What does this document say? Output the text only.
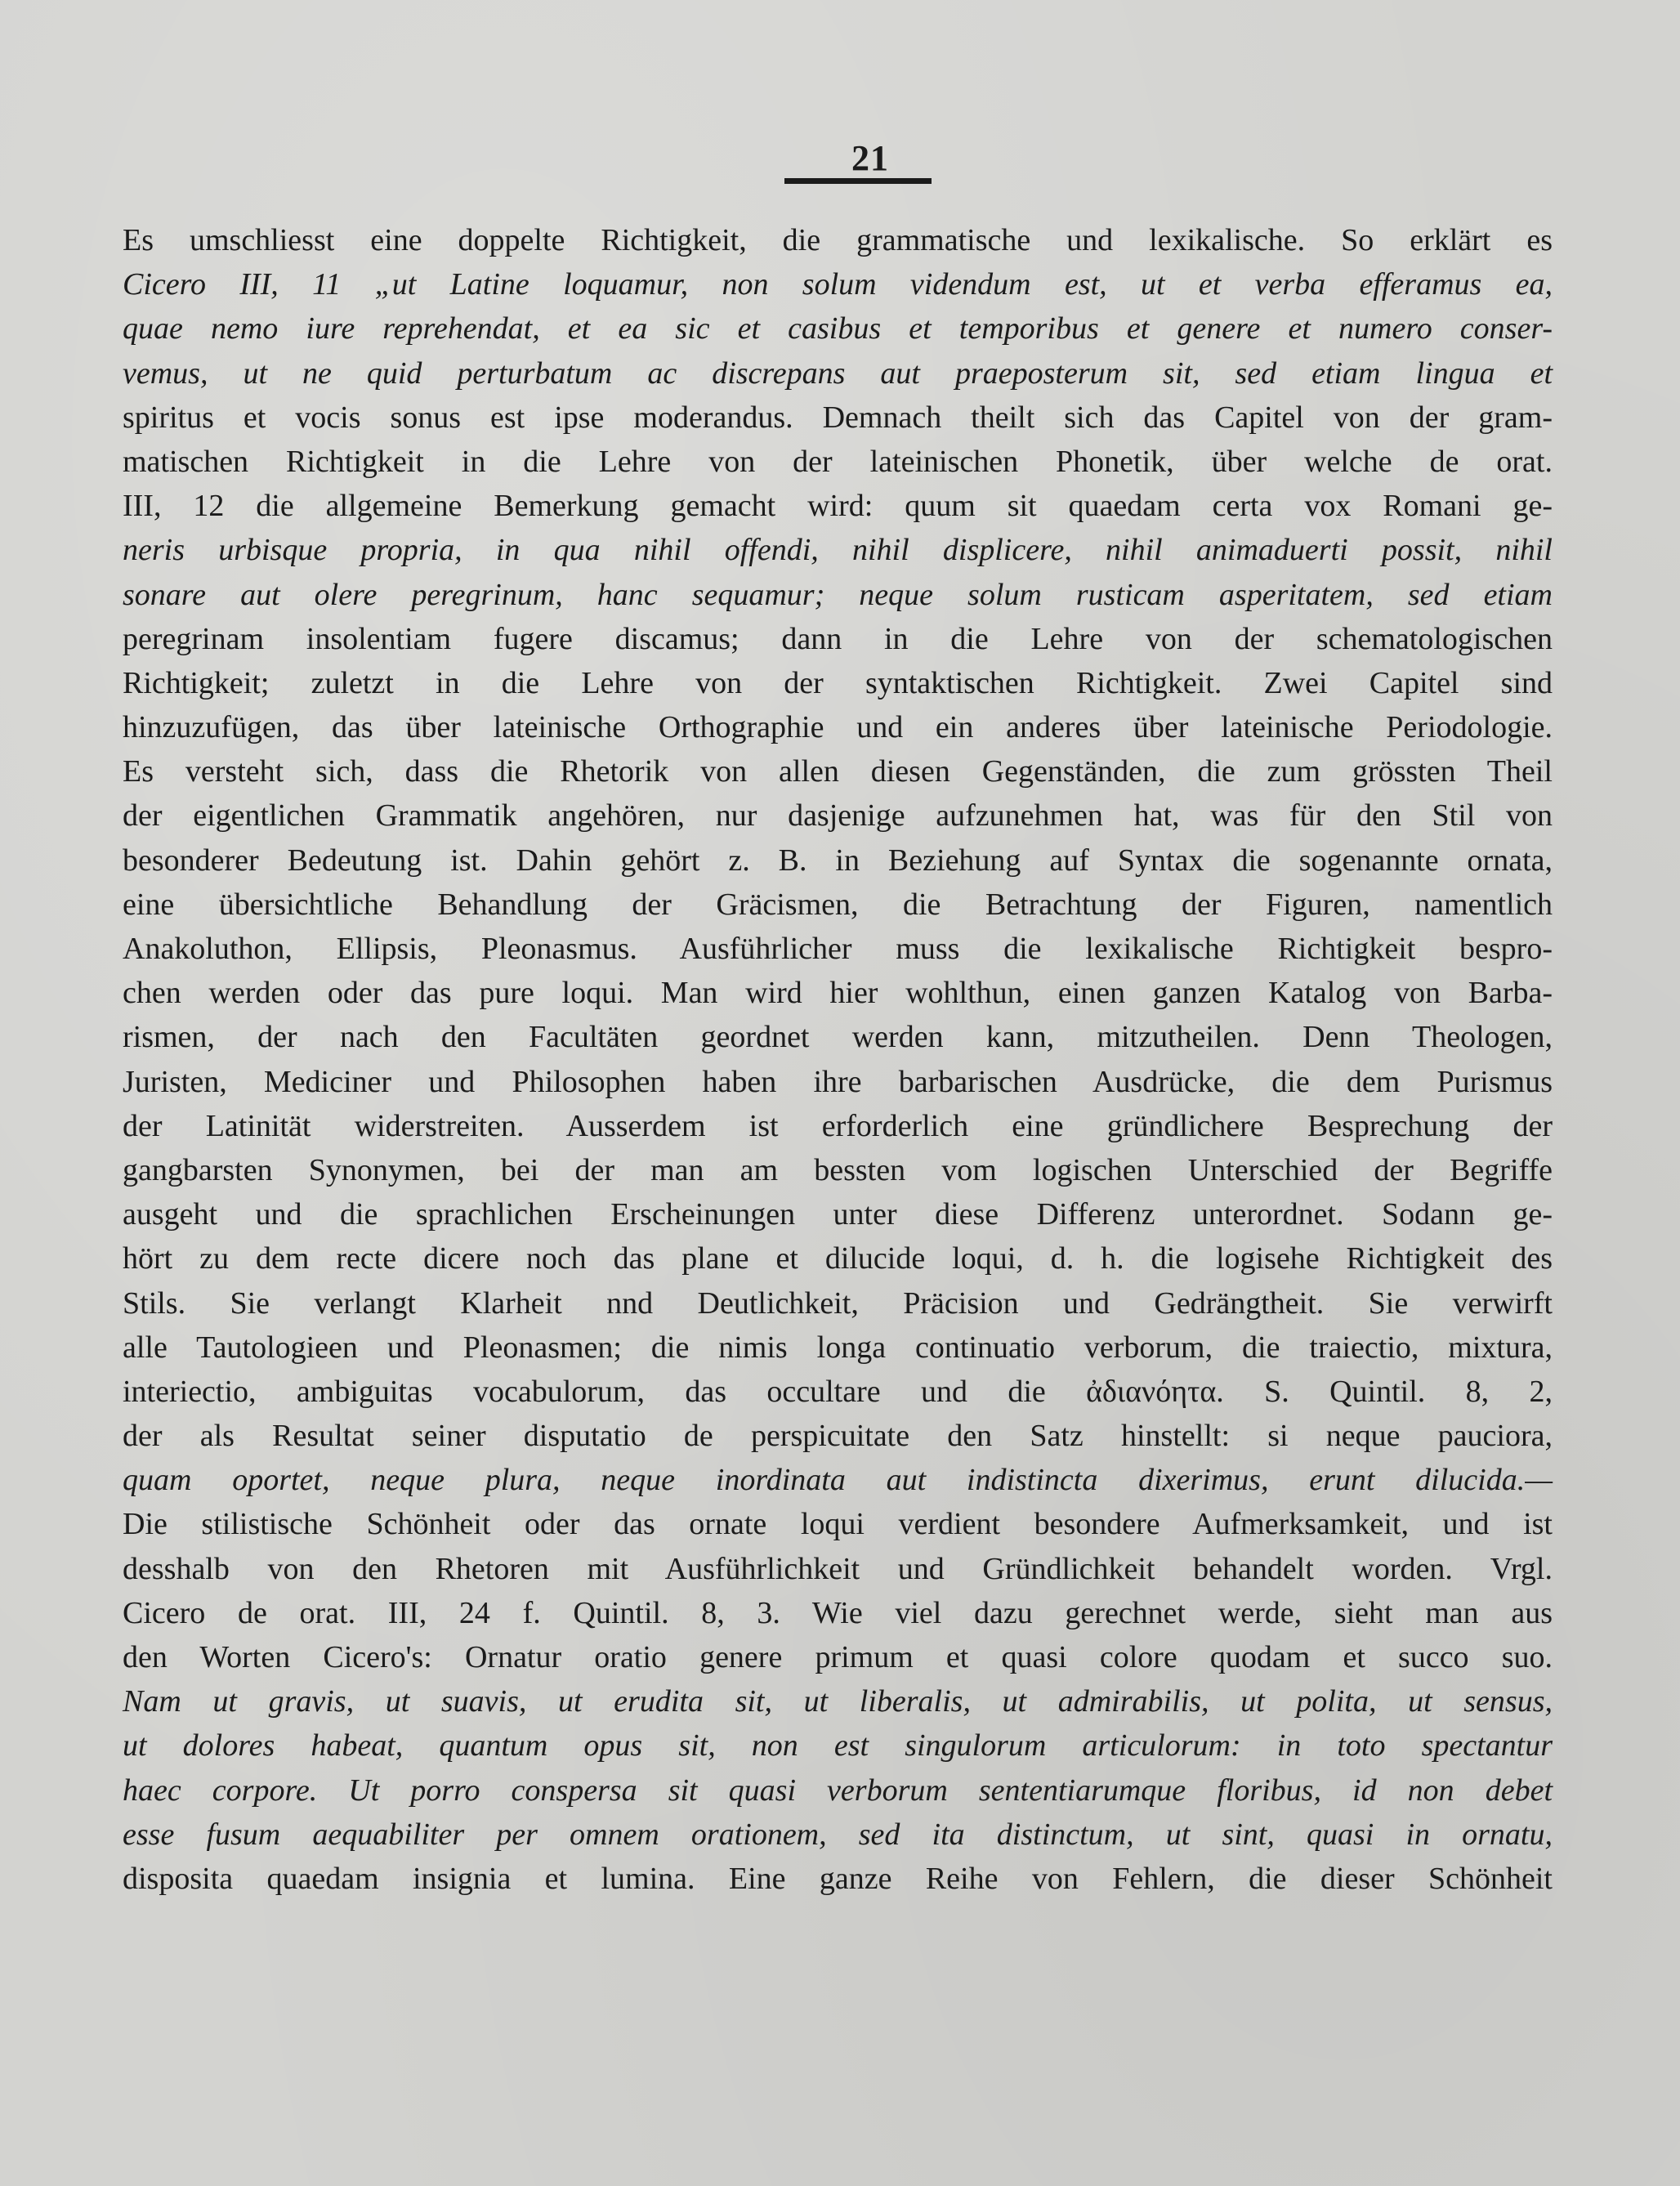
21
Es umschliesst eine doppelte Richtigkeit, die grammatische und lexikalische. So erklärt es
Cicero III, 11 „ut Latine loquamur, non solum videndum est, ut et verba efferamus ea,
quae nemo iure reprehendat, et ea sic et casibus et temporibus et genere et numero conser-
vemus, ut ne quid perturbatum ac discrepans aut praeposterum sit, sed etiam lingua et
spiritus et vocis sonus est ipse moderandus. Demnach theilt sich das Capitel von der gram-
matischen Richtigkeit in die Lehre von der lateinischen Phonetik, über welche de orat.
III, 12 die allgemeine Bemerkung gemacht wird: quum sit quaedam certa vox Romani ge-
neris urbisque propria, in qua nihil offendi, nihil displicere, nihil animaduerti possit, nihil
sonare aut olere peregrinum, hanc sequamur; neque solum rusticam asperitatem, sed etiam
peregrinam insolentiam fugere discamus; dann in die Lehre von der schematologischen
Richtigkeit; zuletzt in die Lehre von der syntaktischen Richtigkeit. Zwei Capitel sind
hinzuzufügen, das über lateinische Orthographie und ein anderes über lateinische Periodologie.
Es versteht sich, dass die Rhetorik von allen diesen Gegenständen, die zum grössten Theil
der eigentlichen Grammatik angehören, nur dasjenige aufzunehmen hat, was für den Stil von
besonderer Bedeutung ist. Dahin gehört z. B. in Beziehung auf Syntax die sogenannte ornata,
eine übersichtliche Behandlung der Gräcismen, die Betrachtung der Figuren, namentlich
Anakoluthon, Ellipsis, Pleonasmus. Ausführlicher muss die lexikalische Richtigkeit bespro-
chen werden oder das pure loqui. Man wird hier wohlthun, einen ganzen Katalog von Barba-
rismen, der nach den Facultäten geordnet werden kann, mitzutheilen. Denn Theologen,
Juristen, Mediciner und Philosophen haben ihre barbarischen Ausdrücke, die dem Purismus
der Latinität widerstreiten. Ausserdem ist erforderlich eine gründlichere Besprechung der
gangbarsten Synonymen, bei der man am bessten vom logischen Unterschied der Begriffe
ausgeht und die sprachlichen Erscheinungen unter diese Differenz unterordnet. Sodann ge-
hört zu dem recte dicere noch das plane et dilucide loqui, d. h. die logisehe Richtigkeit des
Stils. Sie verlangt Klarheit nnd Deutlichkeit, Präcision und Gedrängtheit. Sie verwirft
alle Tautologieen und Pleonasmen; die nimis longa continuatio verborum, die traiectio, mixtura,
interiectio, ambiguitas vocabulorum, das occultare und die ἀδιανόητα. S. Quintil. 8, 2,
der als Resultat seiner disputatio de perspicuitate den Satz hinstellt: si neque pauciora,
quam oportet, neque plura, neque inordinata aut indistincta dixerimus, erunt dilucida.—
Die stilistische Schönheit oder das ornate loqui verdient besondere Aufmerksamkeit, und ist
desshalb von den Rhetoren mit Ausführlichkeit und Gründlichkeit behandelt worden. Vrgl.
Cicero de orat. III, 24 f. Quintil. 8, 3. Wie viel dazu gerechnet werde, sieht man aus
den Worten Cicero's: Ornatur oratio genere primum et quasi colore quodam et succo suo.
Nam ut gravis, ut suavis, ut erudita sit, ut liberalis, ut admirabilis, ut polita, ut sensus,
ut dolores habeat, quantum opus sit, non est singulorum articulorum: in toto spectantur
haec corpore. Ut porro conspersa sit quasi verborum sententiarumque floribus, id non debet
esse fusum aequabiliter per omnem orationem, sed ita distinctum, ut sint, quasi in ornatu,
disposita quaedam insignia et lumina. Eine ganze Reihe von Fehlern, die dieser Schönheit
